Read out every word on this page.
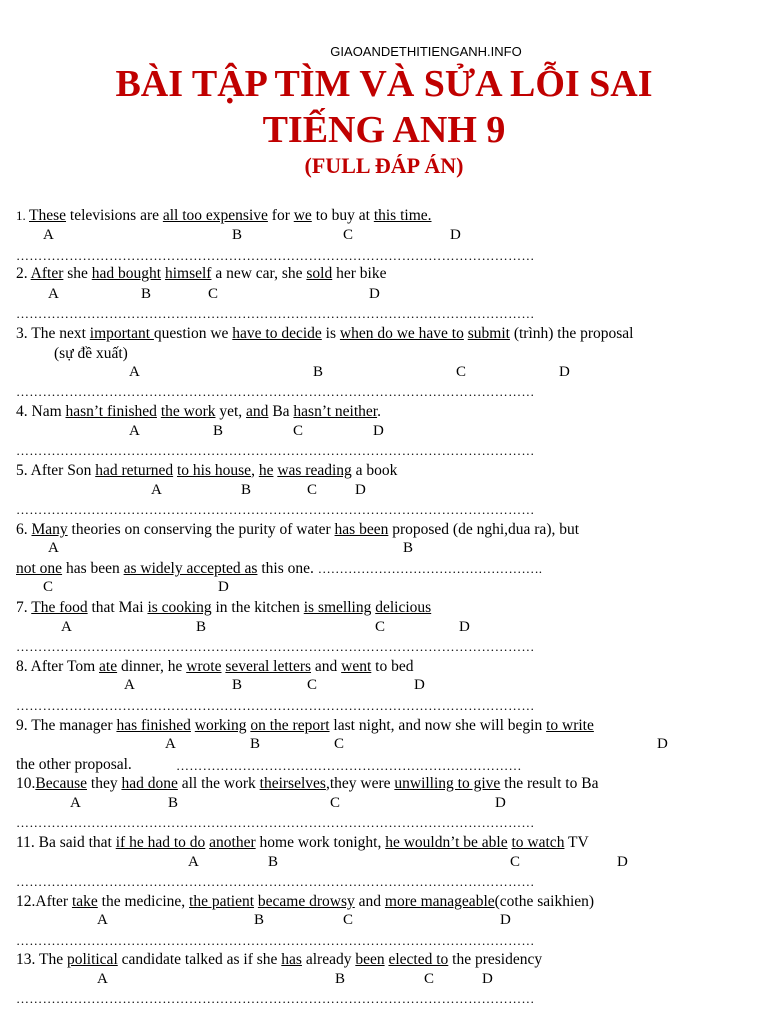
GIAOANDETHITIENGANH.INFO
BÀI TẬP TÌM VÀ SỬA LỖI SAI
TIẾNG ANH 9
(FULL ĐÁP ÁN)
1. These televisions are all too expensive for we to buy at this time.
A	B	C	D
………………………………………………………………………………………………………
2. After she had bought himself a new car, she sold her bike
A	B	C	D
………………………………………………………………………………………………………
3. The next important question we have to decide is when do we have to submit (trình) the proposal
(sự đề xuất)
A	B	C	D
………………………………………………………………………………………………………
4. Nam hasn’t finished the work yet, and Ba hasn’t neither.
A	B	C	D
………………………………………………………………………………………………………
5. After Son had returned to his house, he was reading a book
A	B	C	D
………………………………………………………………………………………………………
6. Many theories on conserving the purity of water has been proposed (de nghi,dua ra), but
A	B
not one has been as widely accepted as this one. …………………………………………….
C	D
7. The food that Mai is cooking in the kitchen is smelling delicious
A	B	C	D
………………………………………………………………………………………………………
8. After Tom ate dinner, he wrote several letters and went to bed
A	B	C	D
………………………………………………………………………………………………………
9. The manager has finished working on the report last night, and now she will begin to write
A	B	C	D
the other proposal.	……………………………………………………………………
10.Because they had done all the work theirselves,they were unwilling to give the result to Ba
A	B	C	D
………………………………………………………………………………………………………
11. Ba said that if he had to do another home work tonight, he wouldn’t be able to watch TV
A	B	C	D
………………………………………………………………………………………………………
12.After take the medicine, the patient became drowsy and more manageable(cothe saikhien)
A	B	C	D
………………………………………………………………………………………………………
13. The political candidate talked as if she has already been elected to the presidency
A	B	C	D
………………………………………………………………………………………………………
